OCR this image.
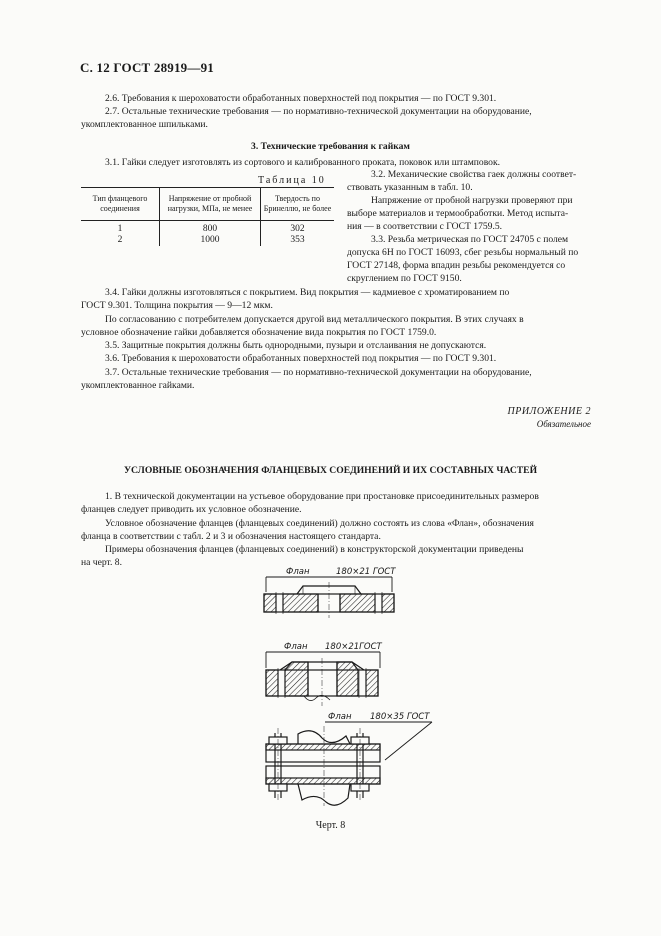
С. 12 ГОСТ 28919—91
2.6. Требования к шероховатости обработанных поверхностей под покрытия — по ГОСТ 9.301.
2.7. Остальные технические требования — по нормативно-технической документации на оборудование,
укомплектованное шпильками.
3. Технические требования к гайкам
3.1. Гайки следует изготовлять из сортового и калиброванного проката, поковок или штамповок.
Таблица 10
Тип фланцевого соединения	Напряжение от пробной нагрузки, МПа, не менее	Твердость по Бринеллю, не более
1	800	302
2	1000	353
3.2. Механические свойства гаек должны соответ-
ствовать указанным в табл. 10.
Напряжение от пробной нагрузки проверяют при
выборе материалов и термообработки. Метод испыта-
ния — в соответствии с ГОСТ 1759.5.
3.3. Резьба метрическая по ГОСТ 24705 с полем
допуска 6Н по ГОСТ 16093, сбег резьбы нормальный по
ГОСТ 27148, форма впадин резьбы рекомендуется со
скруглением по ГОСТ 9150.
3.4. Гайки должны изготовляться с покрытием. Вид покрытия — кадмиевое с хроматированием по
ГОСТ 9.301. Толщина покрытия — 9—12 мкм.
По согласованию с потребителем допускается другой вид металлического покрытия. В этих случаях в
условное обозначение гайки добавляется обозначение вида покрытия по ГОСТ 1759.0.
3.5. Защитные покрытия должны быть однородными, пузыри и отслаивания не допускаются.
3.6. Требования к шероховатости обработанных поверхностей под покрытия — по ГОСТ 9.301.
3.7. Остальные технические требования — по нормативно-технической документации на оборудование,
укомплектованное гайками.
ПРИЛОЖЕНИЕ 2
Обязательное
УСЛОВНЫЕ ОБОЗНАЧЕНИЯ ФЛАНЦЕВЫХ СОЕДИНЕНИЙ И ИХ СОСТАВНЫХ ЧАСТЕЙ
1. В технической документации на устьевое оборудование при простановке присоединительных размеров
фланцев следует приводить их условное обозначение.
Условное обозначение фланцев (фланцевых соединений) должно состоять из слова «Флан», обозначения
фланца в соответствии с табл. 2 и 3 и обозначения настоящего стандарта.
Примеры обозначения фланцев (фланцевых соединений) в конструкторской документации приведены
на черт. 8.
Флан	180×21 ГОСТ
Флан 180×21ГОСТ
Флан 180×35 ГОСТ
Черт. 8
